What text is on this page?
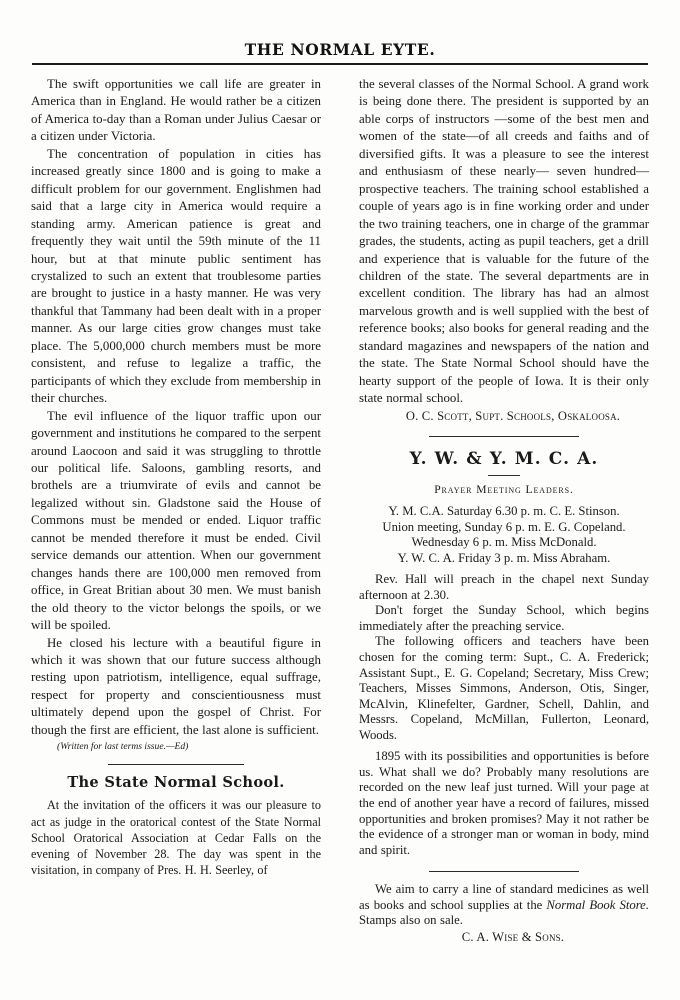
THE NORMAL EYTE.

The swift opportunities we call life are greater in America than in England. He would rather be a citizen of America to-day than a Roman under Julius Caesar or a citizen under Victoria.

The concentration of population in cities has increased greatly since 1800 and is going to make a difficult problem for our government. Englishmen had said that a large city in America would require a standing army. American patience is great and frequently they wait until the 59th minute of the 11 hour, but at that minute public sentiment has crystalized to such an extent that troublesome parties are brought to justice in a hasty manner. He was very thankful that Tammany had been dealt with in a proper manner. As our large cities grow changes must take place. The 5,000,000 church members must be more consistent, and refuse to legalize a traffic, the participants of which they exclude from membership in their churches.

The evil influence of the liquor traffic upon our government and institutions he compared to the serpent around Laocoon and said it was struggling to throttle our political life. Saloons, gambling resorts, and brothels are a triumvirate of evils and cannot be legalized without sin. Gladstone said the House of Commons must be mended or ended. Liquor traffic cannot be mended therefore it must be ended. Civil service demands our attention. When our government changes hands there are 100,000 men removed from office, in Great Britian about 30 men. We must banish the old theory to the victor belongs the spoils, or we will be spoiled.

He closed his lecture with a beautiful figure in which it was shown that our future success although resting upon patriotism, intelligence, equal suffrage, respect for property and conscientiousness must ultimately depend upon the gospel of Christ. For though the first are efficient, the last alone is sufficient.

(Written for last terms issue.—Ed)

The State Normal School.

At the invitation of the officers it was our pleasure to act as judge in the oratorical contest of the State Normal School Oratorical Association at Cedar Falls on the evening of November 28. The day was spent in the visitation, in company of Pres. H. H. Seerley, of

the several classes of the Normal School. A grand work is being done there. The president is supported by an able corps of instructors —some of the best men and women of the state—of all creeds and faiths and of diversified gifts. It was a pleasure to see the interest and enthusiasm of these nearly— seven hundred— prospective teachers. The training school established a couple of years ago is in fine working order and under the two training teachers, one in charge of the grammar grades, the students, acting as pupil teachers, get a drill and experience that is valuable for the future of the children of the state. The several departments are in excellent condition. The library has had an almost marvelous growth and is well supplied with the best of reference books; also books for general reading and the standard magazines and newspapers of the nation and the state. The State Normal School should have the hearty support of the people of Iowa. It is their only state normal school.

O. C. Scott, Supt. Schools, Oskaloosa.

Y. W. & Y. M. C. A.
Prayer Meeting Leaders.

Y. M. C.A. Saturday 6.30 p. m. C. E. Stinson.

Union meeting, Sunday 6 p. m. E. G. Copeland.

Wednesday 6 p. m. Miss McDonald.

Y. W. C. A. Friday 3 p. m. Miss Abraham.

Rev. Hall will preach in the chapel next Sunday afternoon at 2.30.

Don't forget the Sunday School, which begins immediately after the preaching service.

The following officers and teachers have been chosen for the coming term: Supt., C. A. Frederick; Assistant Supt., E. G. Copeland; Secretary, Miss Crew; Teachers, Misses Simmons, Anderson, Otis, Singer, McAlvin, Klinefelter, Gardner, Schell, Dahlin, and Messrs. Copeland, McMillan, Fullerton, Leonard, Woods.

1895 with its possibilities and opportunities is before us. What shall we do? Probably many resolutions are recorded on the new leaf just turned. Will your page at the end of another year have a record of failures, missed opportunities and broken promises? May it not rather be the evidence of a stronger man or woman in body, mind and spirit.

We aim to carry a line of standard medicines as well as books and school supplies at the Normal Book Store. Stamps also on sale.

C. A. Wise & Sons.
